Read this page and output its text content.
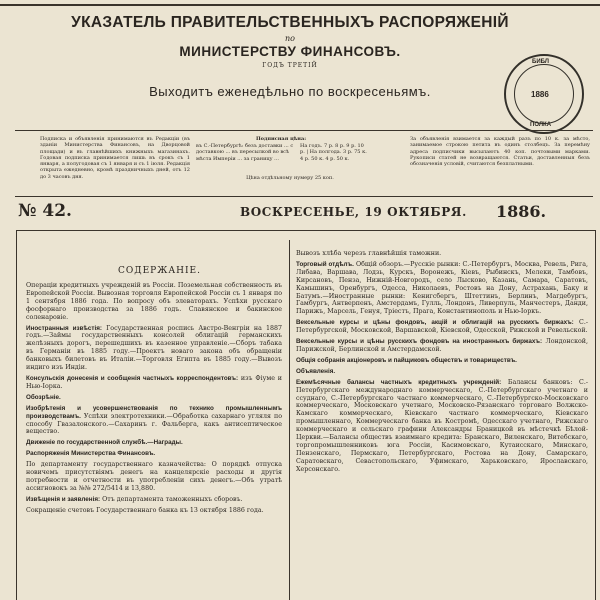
УКАЗАТЕЛЬ ПРАВИТЕЛЬСТВЕННЫХЪ РАСПОРЯЖЕНІЙ
по
МИНИСТЕРСТВУ ФИНАНСОВЪ.
ГОДЪ ТРЕТІЙ
Выходитъ еженедѣльно по воскресеньямъ.
БИБЛ
1886
ПОЛКА
Подписка и объявленія принимаются въ Редакціи (въ зданіи Министерства Финансовъ, на Дворцовой площади) и въ главнѣйшихъ книжныхъ магазинахъ. Годовая подписка принимается лишь въ срокъ съ 1 января, а полугодовая съ 1 января и съ 1 іюля. Редакція открыта ежедневно, кромѣ праздничныхъ дней, отъ 12 до 3 часовъ дня.
Подписная цѣна:
въ С.-Петербургѣ: безъ доставки ... с доставкою ... въ пересылкой во всѣ мѣста Имперіи ... за границу ...
На годъ. 7 р. 8 р. 9 р. 10 р. | На полгода. 3 р. 75 к. 4 р. 50 к. 4 р. 50 к.
Цѣна отдѣльному нумеру 25 коп.
За объявленія взимается за каждый разъ по 10 к. за мѣсто, занимаемое строкою петита въ одинъ столбецъ. За перемѣну адреса подписчики высылаютъ 40 коп. почтовыми марками. Рукописи статей не возвращаются. Статьи, доставленныя безъ обозначенія условій, считаются безплатными.
№ 42.	ВОСКРЕСЕНЬЕ, 19 ОКТЯБРЯ. 1886.
СОДЕРЖАНІЕ.

Операціи кредитныхъ учрежденій въ Россіи. Поземельная собственность въ Европейской Россіи. Вывозная торговля Европейской Россіи съ 1 января по 1 сентября 1886 года. По вопросу объ элеваторахъ. Успѣхи русскаго фосфорнаго производства за 1886 годъ. Славянское и бакинское соленаровіе.

Иностранныя извѣстія: Государственная роспись Австро-Венгріи на 1887 годъ.—Займы государственныхъ консолей облигацій германскихъ желѣзныхъ дорогъ, перешедшихъ въ казенное управленіе.—Сборъ табака въ Германіи въ 1885 году.—Проектъ новаго закона объ обращеніи банковыхъ билетовъ въ Италіи.—Торговля Египта въ 1885 году.—Вывозъ индиго изъ Индіи.

Консульскія донесенія и сообщенія частныхъ корреспондентовъ: изъ Фіуме и Нью-Іорка.

Обозрѣніе.

Изобрѣтенія и усовершенствованія по технико промышленнымъ производствамъ. Успѣхи электротехники.—Обработка сахарнаго угляля по способу Гвазалонского.—Сахаринъ г. Фальберга, какъ антисептическое вещество.

Движеніе по государственной службѣ.—Награды.

Распоряженія Министерства Финансовъ.

По департаменту государственнаго казначейства: О порядкѣ отпуска новичемъ присутствіямъ денегъ на канцелярскіе расходы и другія потребности и отчетности въ употребленіи сихъ денегъ.—Объ утратѣ ассигновокъ за №№ 272/5414 и 13,880.

Извѣщенія и заявленія: Отъ департамента таможенныхъ сборовъ.

Сокращеніе счетовъ Государственнаго банка къ 13 октября 1886 года.

Вывозъ хлѣба черезъ главнѣйшія таможни.

Торговый отдѣлъ. Общій обзоръ.—Русскіе рынки: С.-Петербургъ, Москва, Ревель, Рига, Либава, Варшава, Лодзь, Курскъ, Воронежъ, Кіевъ, Рыбинскъ, Мелеки, Тамбовъ, Кирсановъ, Пенза, Нижній-Новгородъ, село Лысково, Казань, Самара, Саратовъ, Камышинъ, Оренбургъ, Одесса, Николаевъ, Ростовъ на Дону, Астрахань, Баку и Батумъ.—Иностранные рынки: Кенигсбергъ, Штеттинъ, Берлинъ, Магдебургъ, Гамбургъ, Антверпенъ, Амстердамъ, Гулль, Лондонъ, Ливерпуль, Манчестеръ, Данди, Парижъ, Марсель, Генуя, Тріестъ, Прага, Константинополь и Нью-Іоркъ.

Вексельные курсы и цѣны фондовъ, акцій и облигацій на русскихъ биржахъ: С.-Петербургской, Московской, Варшавской, Кіевской, Одесской, Рижской и Ревельской.

Вексельные курсы и цѣны русскихъ фондовъ на иностранныхъ биржахъ: Лондонской, Парижской, Берлинской и Амстердамской.

Общія собранія акціонеровъ и пайщиковъ обществъ и товариществъ.

Объявленія.

Ежемѣсячные балансы частныхъ кредитныхъ учрежденій: Балансы банковъ: С.-Петербургскаго международнаго коммерческаго, С.-Петербургскаго учетнаго и ссуднаго, С.-Петербургскаго частнаго коммерческаго, С.-Петербургско-Московскаго коммерческаго, Московскаго учетнаго, Московско-Рязанскаго торговаго Волжско-Камскаго коммерческаго, Кіевскаго частнаго коммерческаго, Кіевскаго промышленнаго, Коммерческаго банка въ Костромѣ, Одесскаго учетнаго, Рижскаго коммерческаго и сельскаго графини Александры Браницкой въ мѣстечкѣ Бѣлой-Церкви.—Балансы обществъ взаимнаго кредита: Бранскаго, Виленскаго, Витебскаго, торгопромышленниковъ юга Россіи, Касимовскаго, Кутаисскаго, Минскаго, Пензенскаго, Пермскаго, Петербургскаго, Ростова на Дону, Самарскаго, Саратовскаго, Севастопольскаго, Уфимскаго, Харьковскаго, Ярославскаго, Херсонскаго.
